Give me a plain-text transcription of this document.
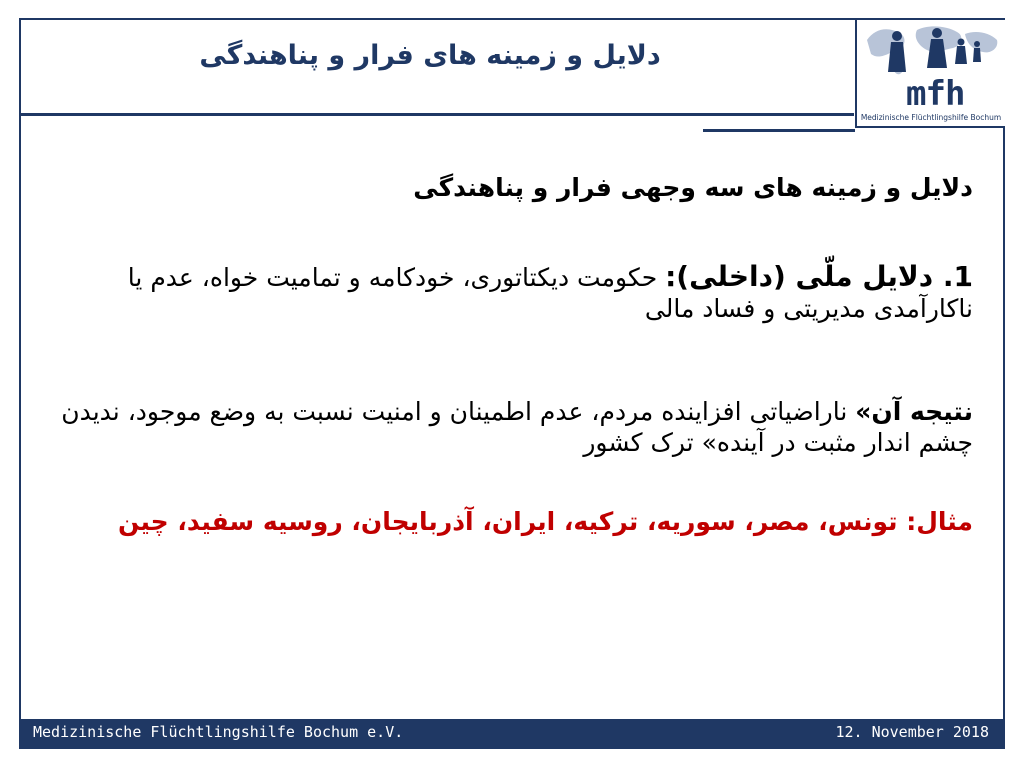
دلایل و زمینه های فرار و پناهندگی
mfh
Medizinische Flüchtlingshilfe Bochum

دلایل و زمینه های سه وجهی فرار و پناهندگی

1. دلایل ملّی (داخلی): حکومت دیکتاتوری، خودکامه و تمامیت خواه، عدم یا ناکارآمدی مدیریتی و فساد مالی

نتیجه آن» ناراضیاتی افزاینده مردم، عدم اطمینان و امنیت نسبت به وضع موجود، ندیدن چشم اندار مثبت در آینده» ترک کشور

مثال: تونس، مصر، سوریه، ترکیه، ایران، آذربایجان، روسیه سفید، چین

Medizinische Flüchtlingshilfe Bochum e.V.	12. November 2018
